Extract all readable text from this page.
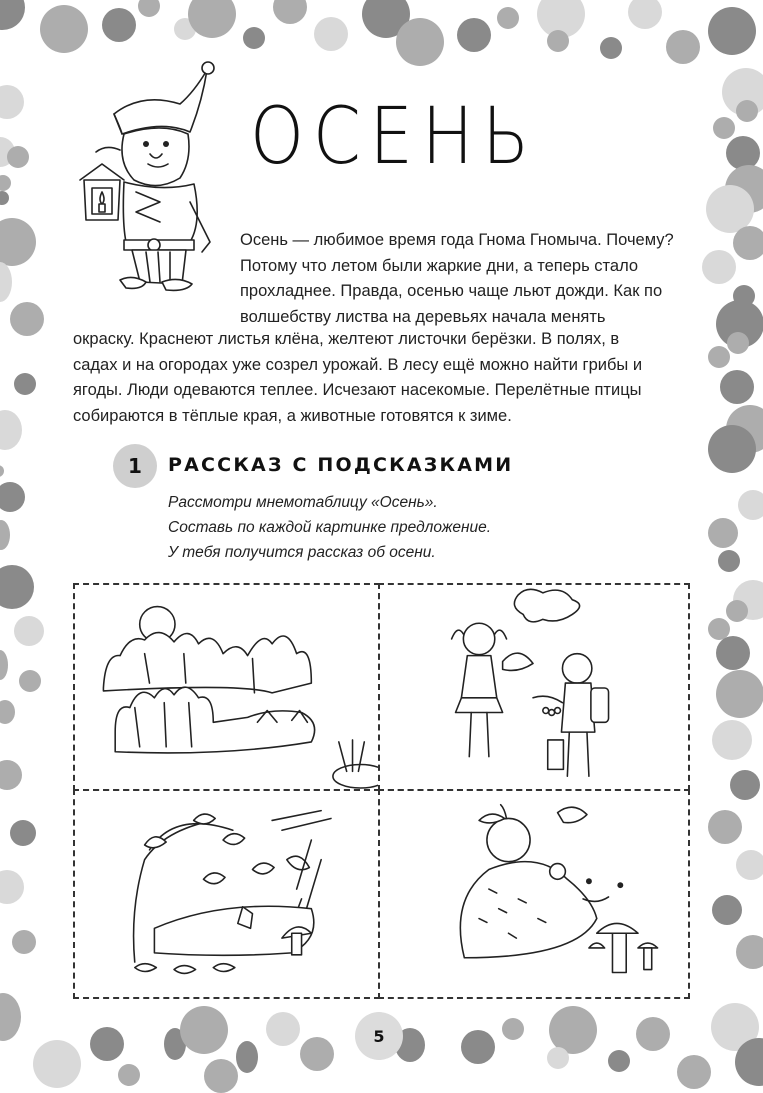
ОСЕНЬ
Осень — любимое время года Гнома Гномыча. Почему?
Потому что летом были жаркие дни, а теперь стало
прохладнее. Правда, осенью чаще льют дожди. Как по
волшебству листва на деревьях начала менять
окраску. Краснеют листья клёна, желтеют листочки берёзки. В полях, в
садах и на огородах уже созрел урожай. В лесу ещё можно найти грибы и
ягоды. Люди одеваются теплее. Исчезают насекомые. Перелётные птицы
собираются в тёплые края, а животные готовятся к зиме.
1	РАССКАЗ С ПОДСКАЗКАМИ
Рассмотри мнемотаблицу «Осень».
Составь по каждой картинке предложение.
У тебя получится рассказ об осени.
5
